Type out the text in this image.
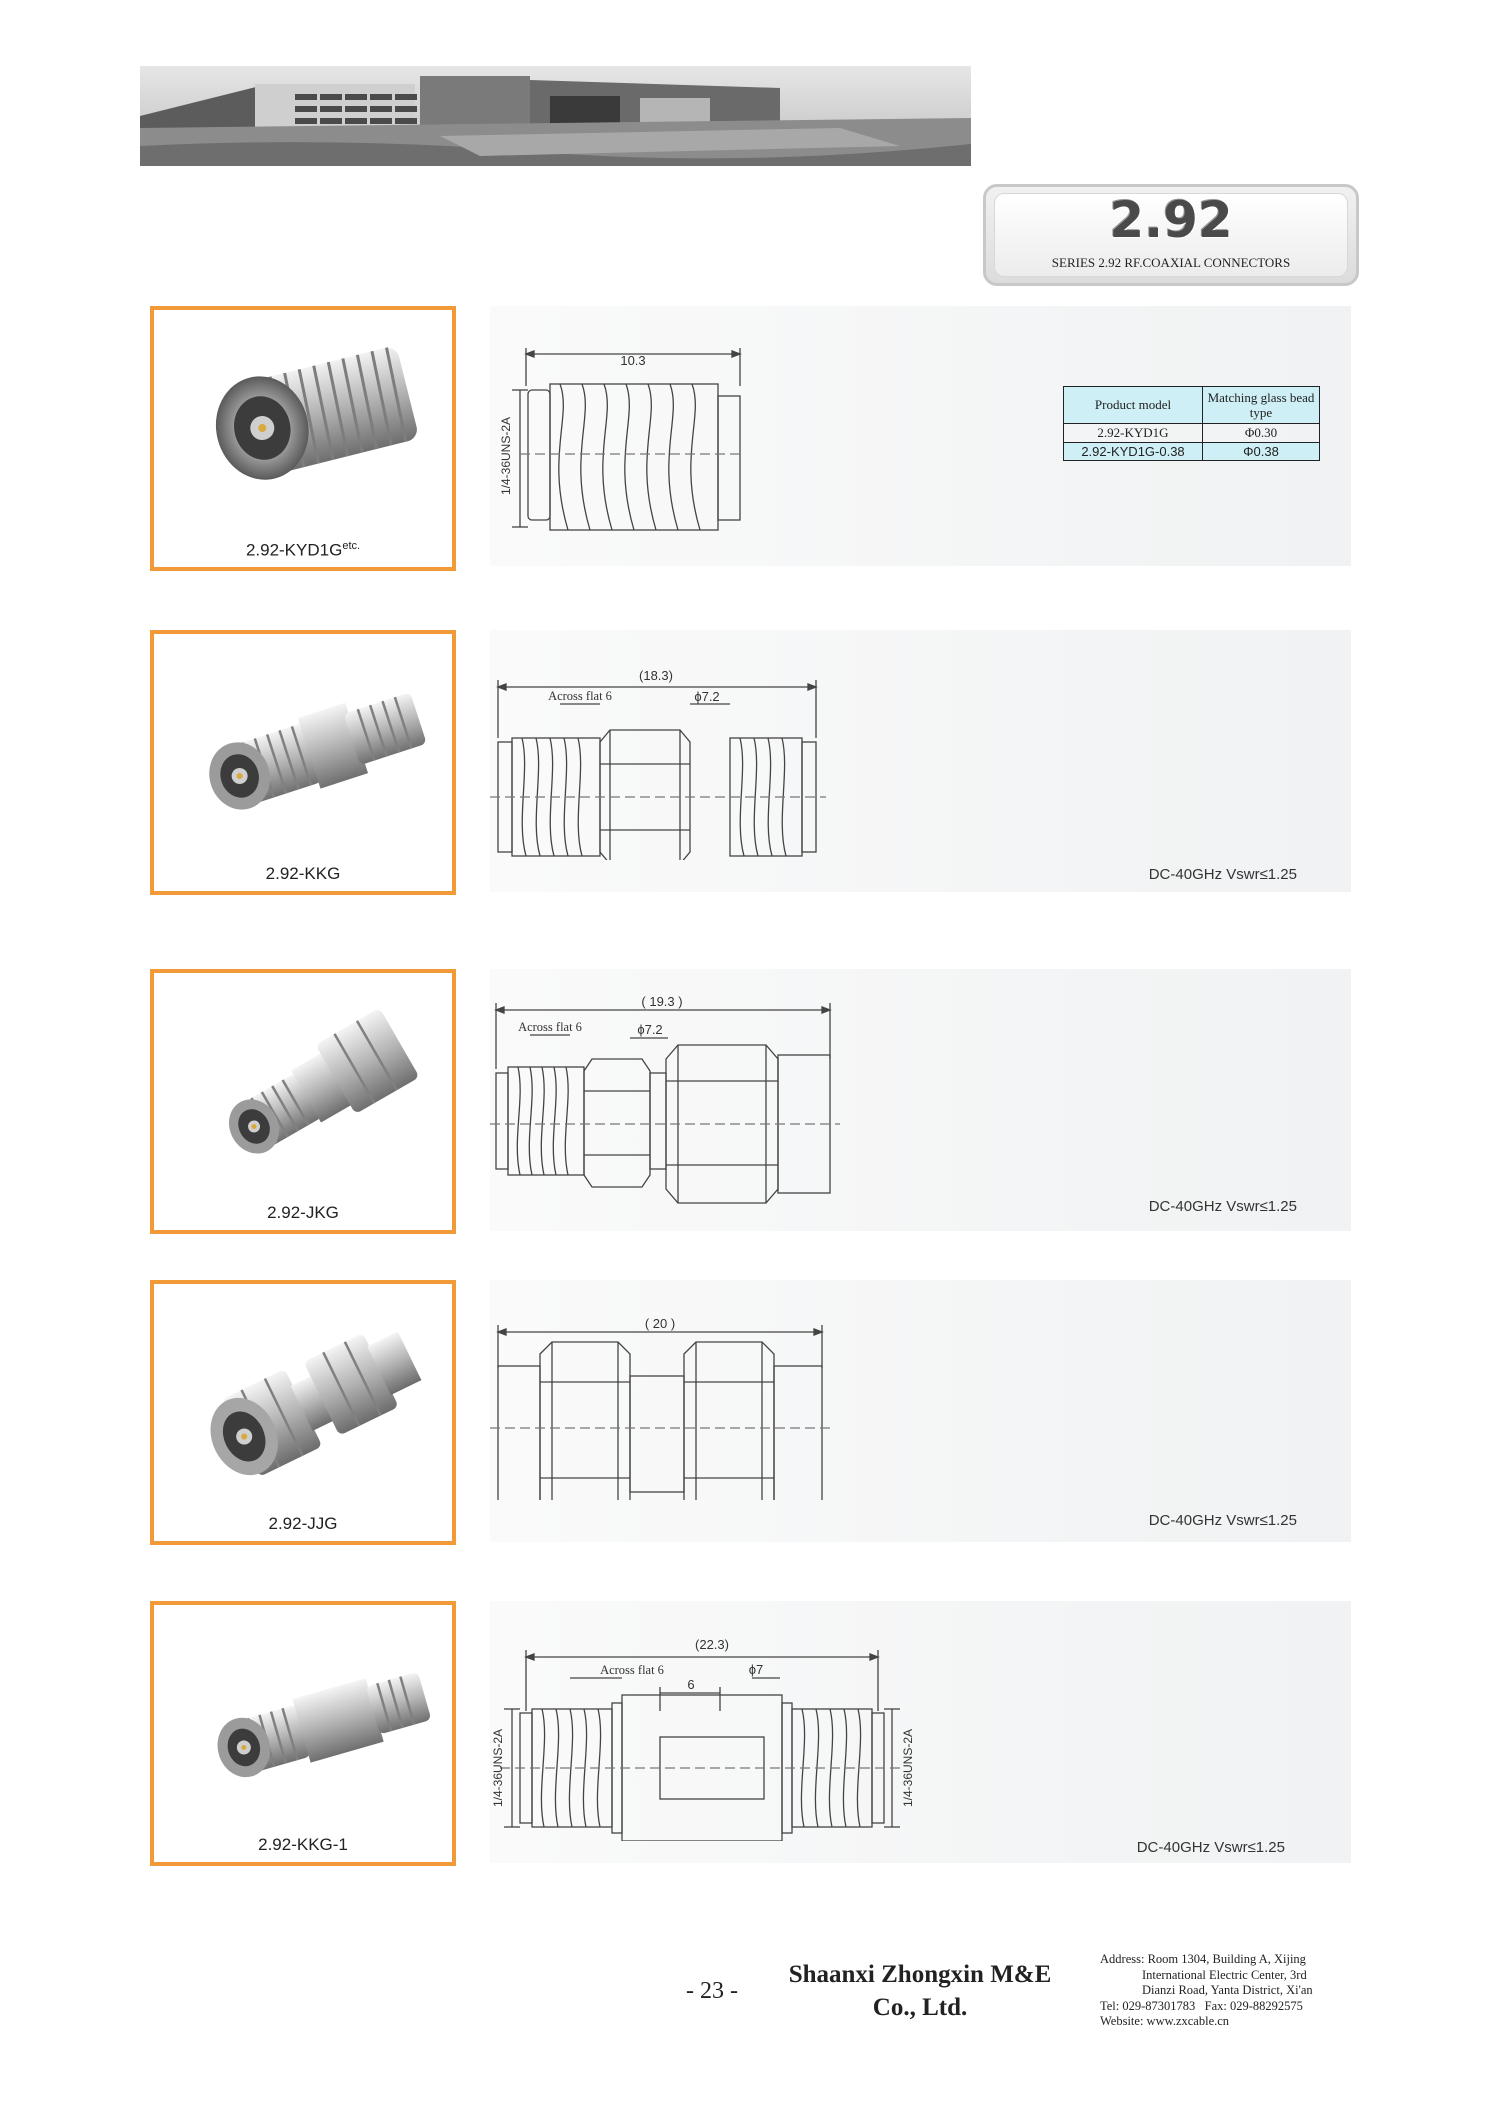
2.92
SERIES 2.92 RF.COAXIAL CONNECTORS
$2.92-KYD1G^{etc.}$
10.3
1/4-36UNS-2A
Product model	Matching glass bead type
2.92-KYD1G	Φ0.30
2.92-KYD1G-0.38	Φ0.38
2.92-KKG
(18.3)
Across flat 6	ϕ7.2
DC-40GHz Vswr≤1.25
2.92-JKG
( 19.3 )
Across flat 6	ϕ7.2
DC-40GHz Vswr≤1.25
2.92-JJG
( 20 )
DC-40GHz Vswr≤1.25
2.92-KKG-1
(22.3)
Across flat 6
6
ϕ7
1/4-36UNS-2A	1/4-36UNS-2A
DC-40GHz Vswr≤1.25
- 23 -
Shaanxi Zhongxin M&E
Co., Ltd.
Address: Room 1304, Building A, Xijing
International Electric Center, 3rd
Dianzi Road, Yanta District, Xi'an
Tel: 029-87301783 Fax: 029-88292575
Website: www.zxcable.cn
